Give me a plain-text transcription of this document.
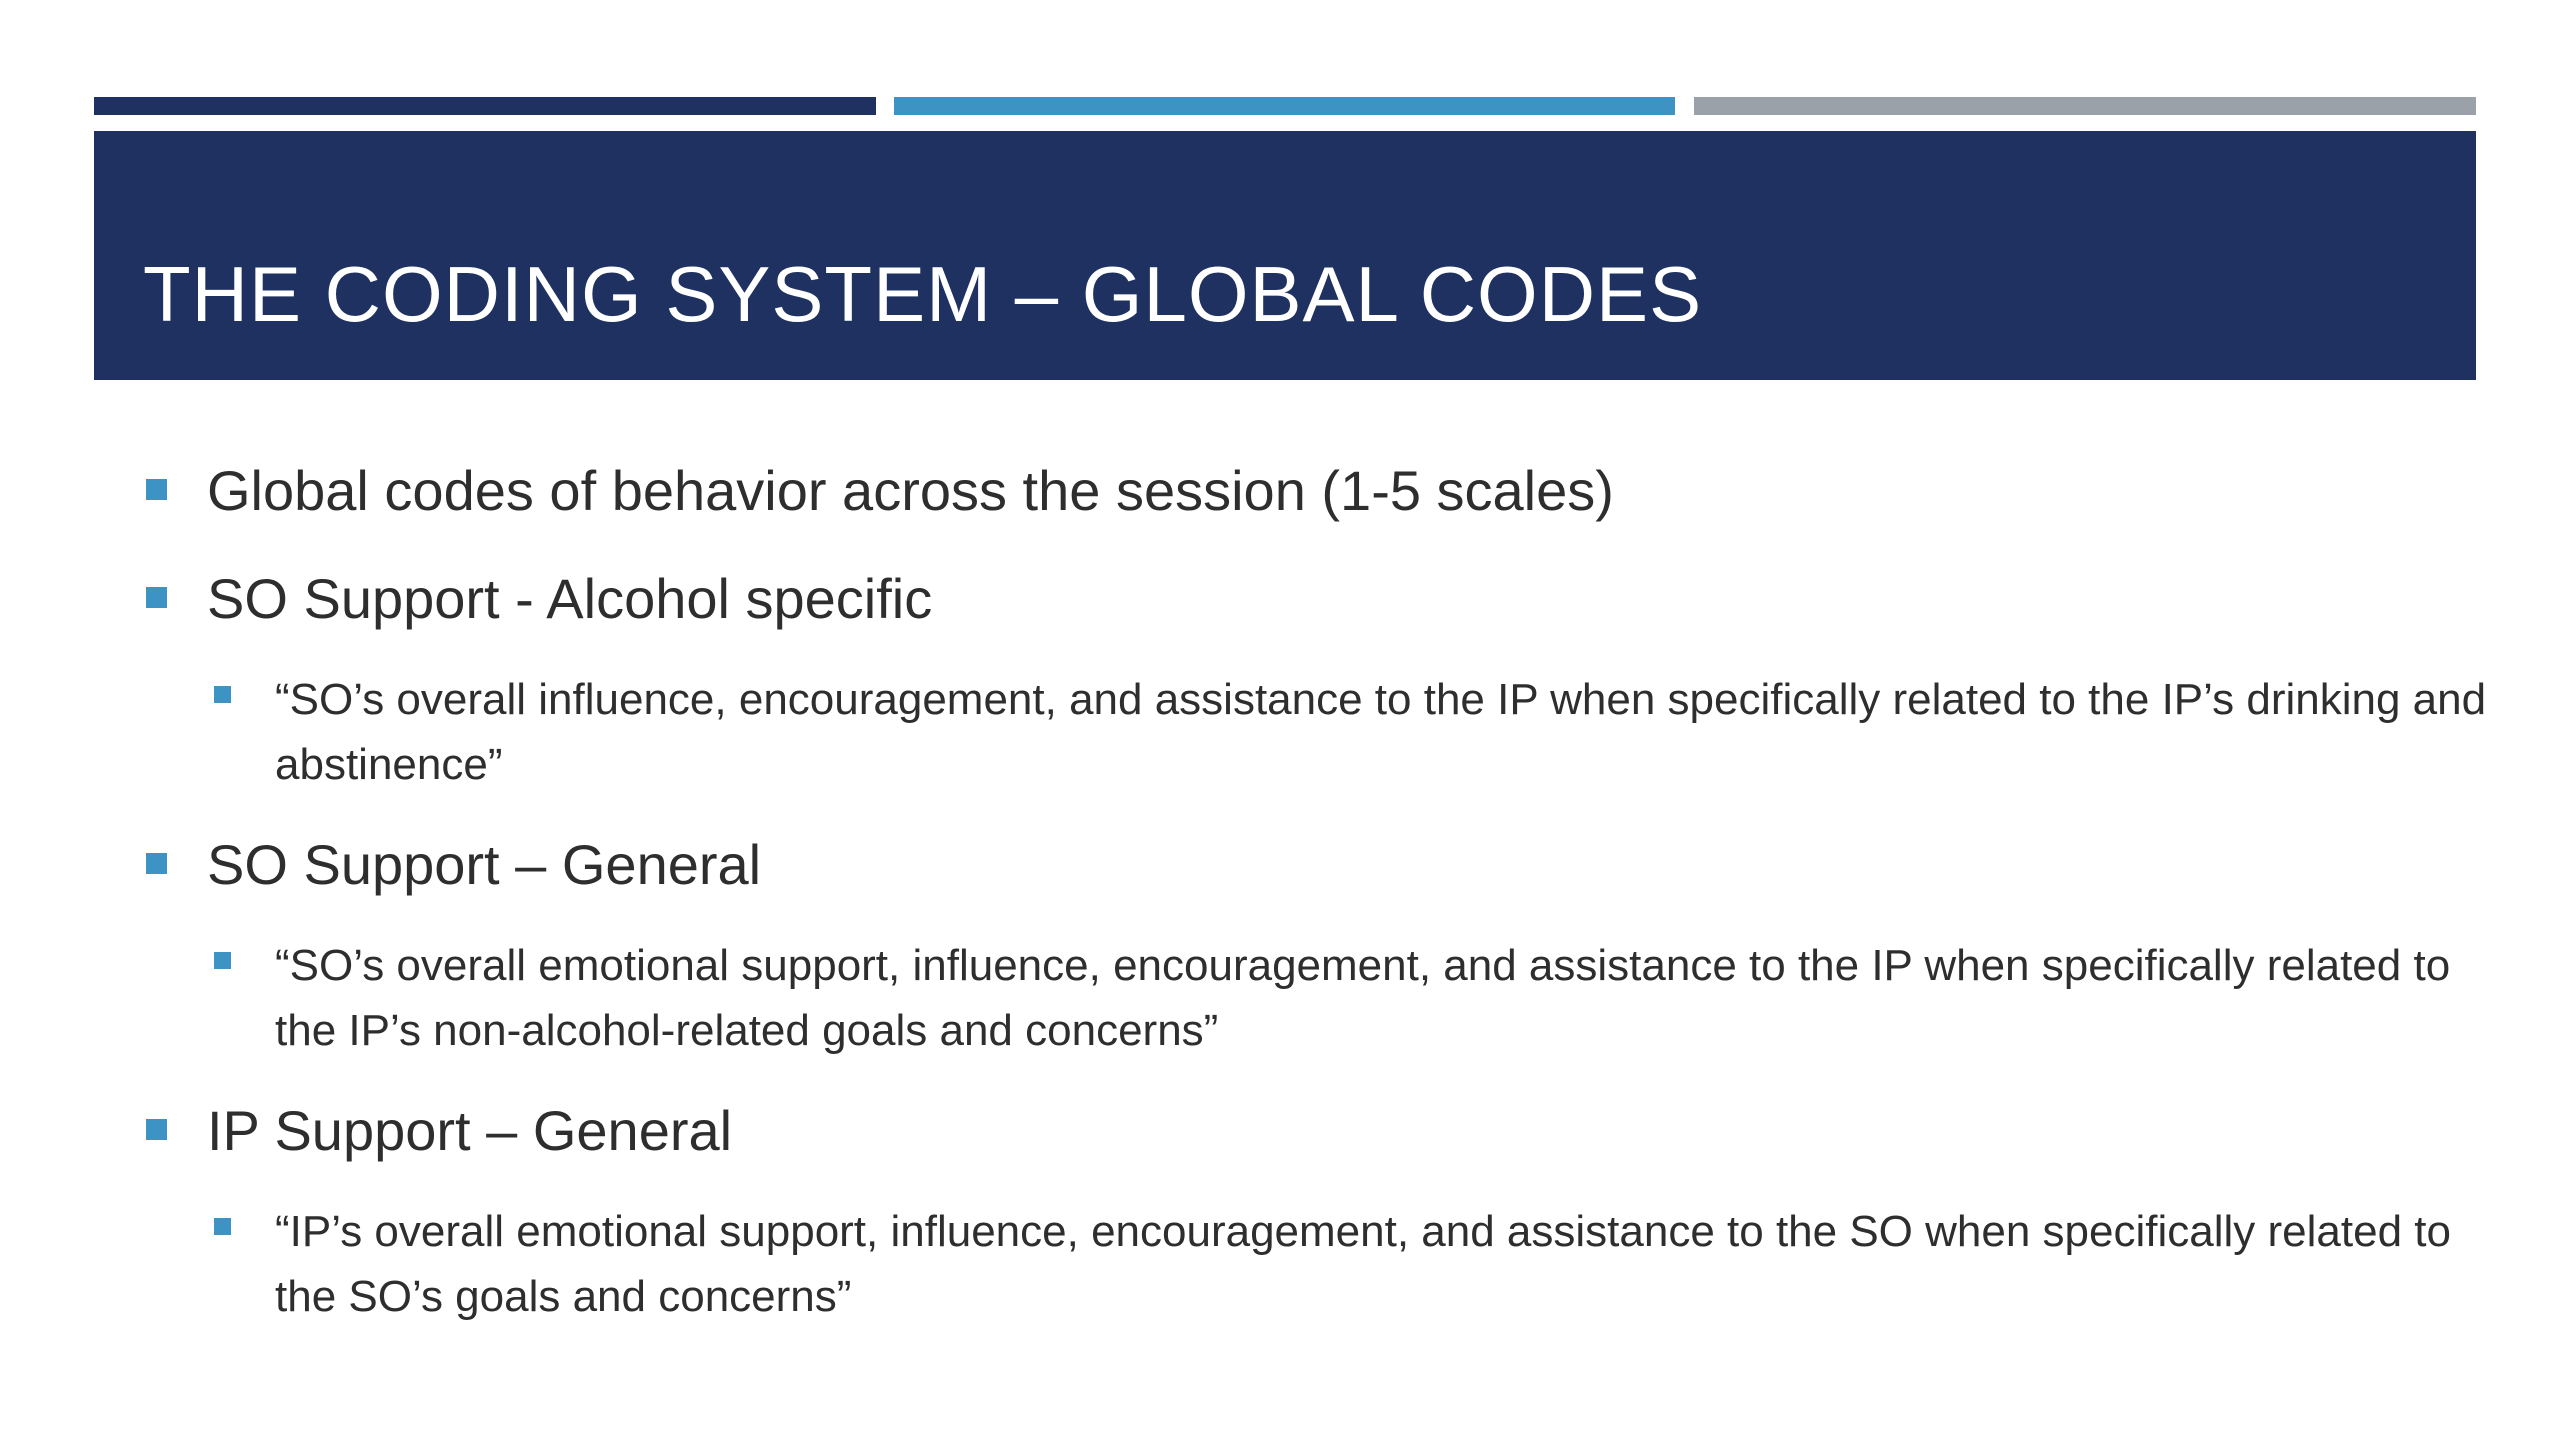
THE CODING SYSTEM – GLOBAL CODES
Global codes of behavior across the session (1-5 scales)
SO Support - Alcohol specific
“SO’s overall influence, encouragement, and assistance to the IP when specifically related to the IP’s drinking and abstinence”
SO Support – General
“SO’s overall emotional support, influence, encouragement, and assistance to the IP when specifically related to the IP’s non-alcohol-related goals and concerns”
IP Support – General
“IP’s overall emotional support, influence, encouragement, and assistance to the SO when specifically related to the SO’s goals and concerns”
